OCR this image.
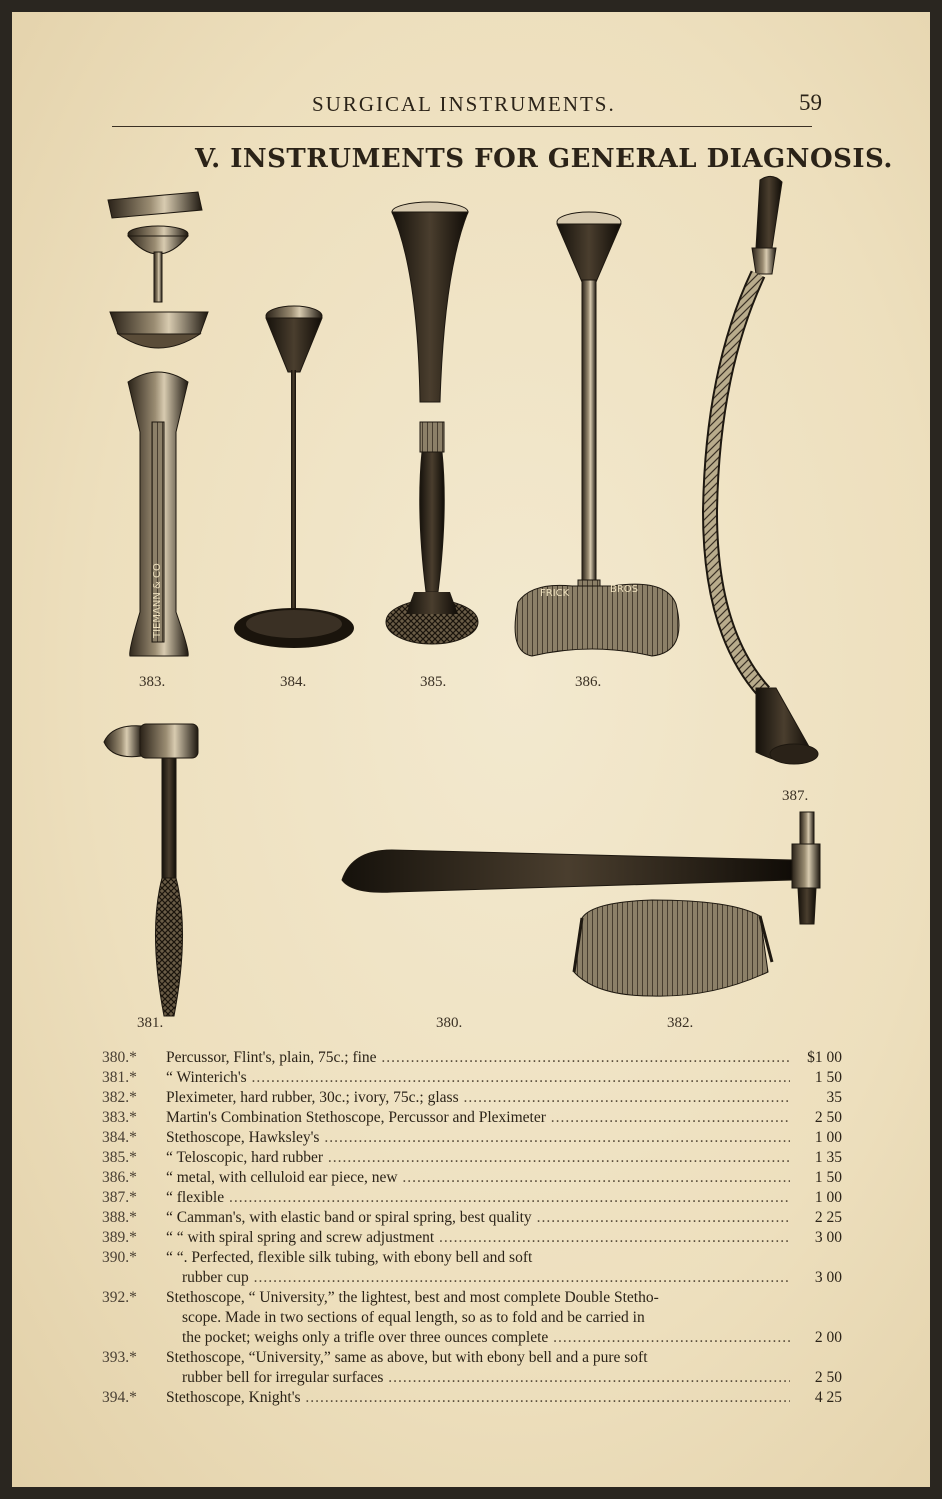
SURGICAL INSTRUMENTS.	59
V. INSTRUMENTS FOR GENERAL DIAGNOSIS.
FRICK	BROS
TIEMANN & CO
383.	384.	385.	386.
387.
381.	380.	382.
380.*	Percussor, Flint's, plain, 75c.; fine .....	$1 00
381.*	“ Winterich's .....	1 50
382.*	Pleximeter, hard rubber, 30c.; ivory, 75c.; glass .....	35
383.*	Martin's Combination Stethoscope, Percussor and Pleximeter .....	2 50
384.*	Stethoscope, Hawksley's .....	1 00
385.*	“ Teloscopic, hard rubber .....	1 35
386.*	“ metal, with celluloid ear piece, new .....	1 50
387.*	“ flexible .....	1 00
388.*	“ Camman's, with elastic band or spiral spring, best quality .....	2 25
389.*	“ “ with spiral spring and screw adjustment .....	3 00
390.*	“ “. Perfected, flexible silk tubing, with ebony bell and soft
rubber cup .....	3 00
392.*	Stethoscope, “ University,” the lightest, best and most complete Double Stetho-
scope. Made in two sections of equal length, so as to fold and be carried in
the pocket; weighs only a trifle over three ounces complete .....	2 00
393.*	Stethoscope, “University,” same as above, but with ebony bell and a pure soft
rubber bell for irregular surfaces .....	2 50
394.*	Stethoscope, Knight's .....	4 25
